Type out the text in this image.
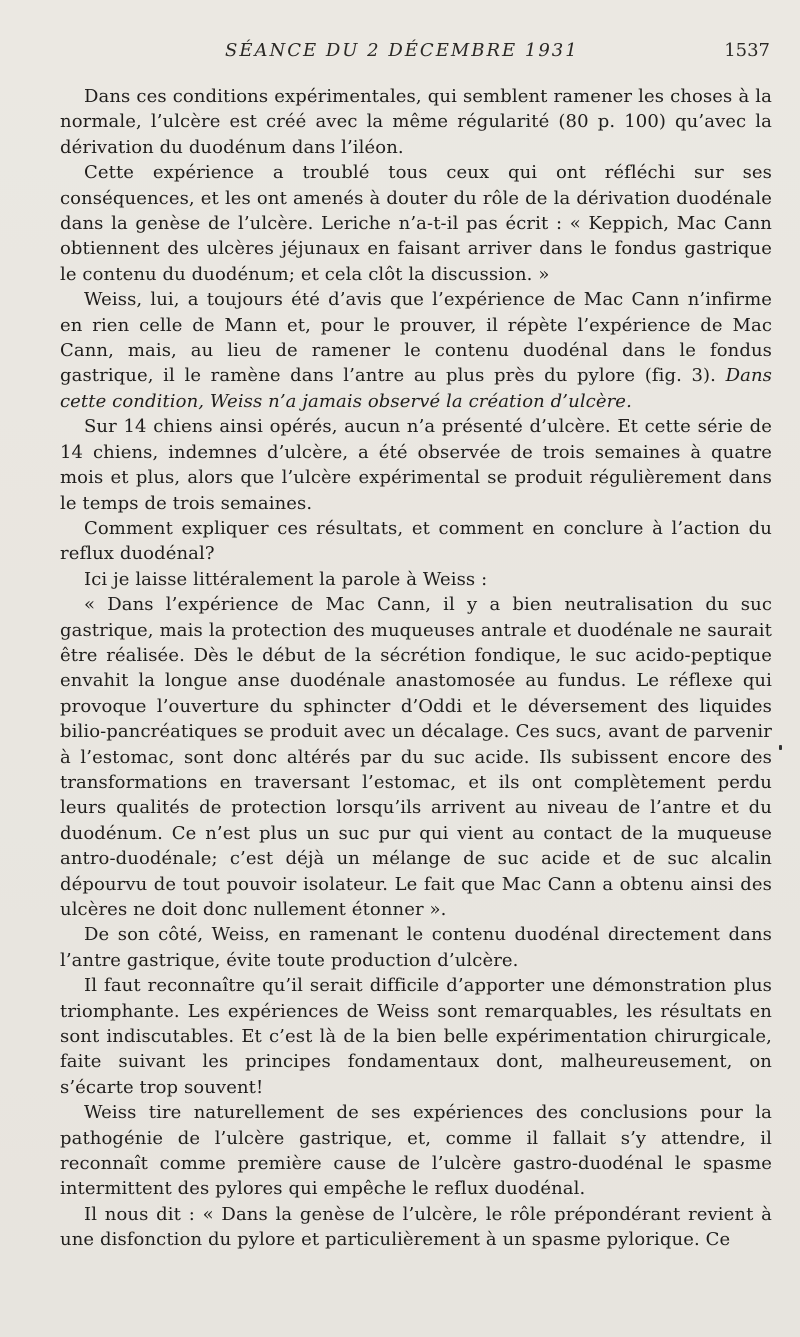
SÉANCE DU 2 DÉCEMBRE 1931	1537

Dans ces conditions expérimentales, qui semblent ramener les choses à la normale, l’ulcère est créé avec la même régularité (80 p. 100) qu’avec la dérivation du duodénum dans l’iléon.

Cette expérience a troublé tous ceux qui ont réfléchi sur ses conséquences, et les ont amenés à douter du rôle de la dérivation duodénale dans la genèse de l’ulcère. Leriche n’a-t-il pas écrit : « Keppich, Mac Cann obtiennent des ulcères jéjunaux en faisant arriver dans le fondus gastrique le contenu du duodénum; et cela clôt la discussion. »

Weiss, lui, a toujours été d’avis que l’expérience de Mac Cann n’infirme en rien celle de Mann et, pour le prouver, il répète l’expérience de Mac Cann, mais, au lieu de ramener le contenu duodénal dans le fondus gastrique, il le ramène dans l’antre au plus près du pylore (fig. 3). Dans cette condition, Weiss n’a jamais observé la création d’ulcère.

Sur 14 chiens ainsi opérés, aucun n’a présenté d’ulcère. Et cette série de 14 chiens, indemnes d’ulcère, a été observée de trois semaines à quatre mois et plus, alors que l’ulcère expérimental se produit régulièrement dans le temps de trois semaines.

Comment expliquer ces résultats, et comment en conclure à l’action du reflux duodénal?

Ici je laisse littéralement la parole à Weiss :

« Dans l’expérience de Mac Cann, il y a bien neutralisation du suc gastrique, mais la protection des muqueuses antrale et duodénale ne saurait être réalisée. Dès le début de la sécrétion fondique, le suc acido-peptique envahit la longue anse duodénale anastomosée au fundus. Le réflexe qui provoque l’ouverture du sphincter d’Oddi et le déversement des liquides bilio-pancréatiques se produit avec un décalage. Ces sucs, avant de parvenir à l’estomac, sont donc altérés par du suc acide. Ils subissent encore des transformations en traversant l’estomac, et ils ont complètement perdu leurs qualités de protection lorsqu’ils arrivent au niveau de l’antre et du duodénum. Ce n’est plus un suc pur qui vient au contact de la muqueuse antro-duodénale; c’est déjà un mélange de suc acide et de suc alcalin dépourvu de tout pouvoir isolateur. Le fait que Mac Cann a obtenu ainsi des ulcères ne doit donc nullement étonner ».

De son côté, Weiss, en ramenant le contenu duodénal directement dans l’antre gastrique, évite toute production d’ulcère.

Il faut reconnaître qu’il serait difficile d’apporter une démonstration plus triomphante. Les expériences de Weiss sont remarquables, les résultats en sont indiscutables. Et c’est là de la bien belle expérimentation chirurgicale, faite suivant les principes fondamentaux dont, malheureusement, on s’écarte trop souvent!

Weiss tire naturellement de ses expériences des conclusions pour la pathogénie de l’ulcère gastrique, et, comme il fallait s’y attendre, il reconnaît comme première cause de l’ulcère gastro-duodénal le spasme intermittent des pylores qui empêche le reflux duodénal.

Il nous dit : « Dans la genèse de l’ulcère, le rôle prépondérant revient à une disfonction du pylore et particulièrement à un spasme pylorique. Ce
